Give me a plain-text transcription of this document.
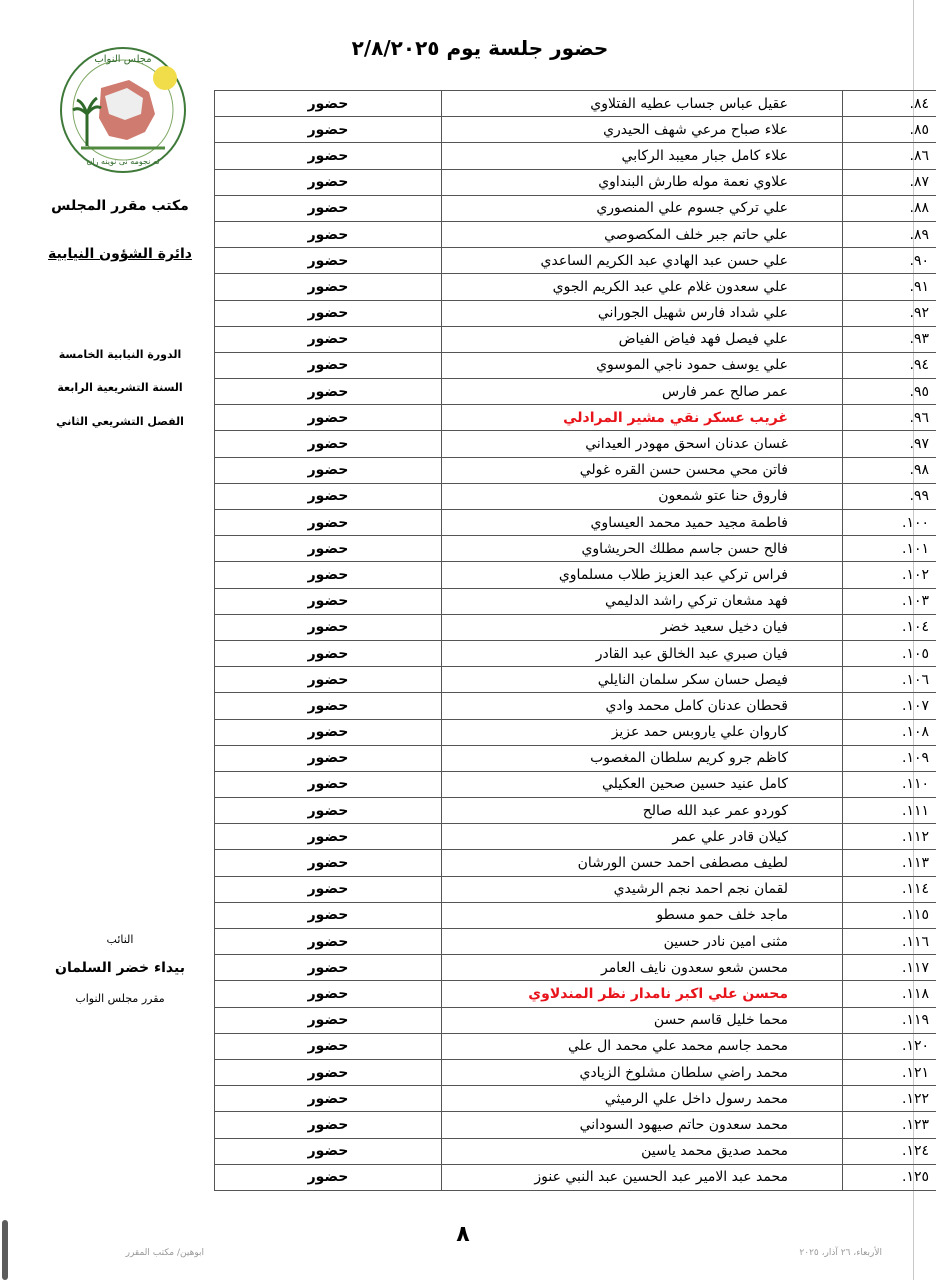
حضور جلسة يوم ٢/٨/٢٠٢٥
مجلس النواب
ئه نجومه نی نوینه ران
مكتب مقرر المجلس
دائرة الشؤون النيابية
الدورة النيابية الخامسة
السنة التشريعية الرابعة
الفصل التشريعي الثاني
النائب
بيداء خضر السلمان
مقرر مجلس النواب
حضور	عقيل عباس جساب عطيه الفتلاوي	٨٤.
حضور	علاء صباح مرعي شهف الحيدري	٨٥.
حضور	علاء كامل جبار معيبد الركابي	٨٦.
حضور	علاوي نعمة موله طارش البنداوي	٨٧.
حضور	علي تركي جسوم علي المنصوري	٨٨.
حضور	علي حاتم جبر خلف المكصوصي	٨٩.
حضور	علي حسن عبد الهادي عبد الكريم الساعدي	٩٠.
حضور	علي سعدون غلام علي عبد الكريم الجوي	٩١.
حضور	علي شداد فارس شهيل الجوراني	٩٢.
حضور	علي فيصل فهد فياض الفياض	٩٣.
حضور	علي يوسف حمود ناجي الموسوي	٩٤.
حضور	عمر صالح عمر فارس	٩٥.
حضور	غريب عسكر نقي مشير المرادلي	٩٦.
حضور	غسان عدنان اسحق مهودر العيداني	٩٧.
حضور	فاتن محي محسن حسن القره غولي	٩٨.
حضور	فاروق حنا عتو شمعون	٩٩.
حضور	فاطمة مجيد حميد محمد العيساوي	١٠٠.
حضور	فالح حسن جاسم مطلك الحريشاوي	١٠١.
حضور	فراس تركي عبد العزيز طلاب مسلماوي	١٠٢.
حضور	فهد مشعان تركي راشد الدليمي	١٠٣.
حضور	فيان دخيل سعيد خضر	١٠٤.
حضور	فيان صبري عبد الخالق عبد القادر	١٠٥.
حضور	فيصل حسان سكر سلمان النايلي	١٠٦.
حضور	قحطان عدنان كامل محمد وادي	١٠٧.
حضور	كاروان علي ياروبس حمد عزيز	١٠٨.
حضور	كاظم جرو كريم سلطان المغصوب	١٠٩.
حضور	كامل عنيد حسين صحين العكيلي	١١٠.
حضور	كوردو عمر عبد الله صالح	١١١.
حضور	كيلان قادر علي عمر	١١٢.
حضور	لطيف مصطفى احمد حسن الورشان	١١٣.
حضور	لقمان نجم احمد نجم الرشيدي	١١٤.
حضور	ماجد خلف حمو مسطو	١١٥.
حضور	مثنى امين نادر حسين	١١٦.
حضور	محسن شعو سعدون نايف العامر	١١٧.
حضور	محسن علي اكبر نامدار نظر المندلاوي	١١٨.
حضور	محما خليل قاسم حسن	١١٩.
حضور	محمد جاسم محمد علي محمد ال علي	١٢٠.
حضور	محمد راضي سلطان مشلوخ الزيادي	١٢١.
حضور	محمد رسول داخل علي الرميثي	١٢٢.
حضور	محمد سعدون حاتم صيهود السوداني	١٢٣.
حضور	محمد صديق محمد ياسين	١٢٤.
حضور	محمد عبد الامير عبد الحسين عبد النبي عنوز	١٢٥.
٨
ابوهين/ مكتب المقرر	الأربعاء، ٢٦ آذار، ٢٠٢٥
